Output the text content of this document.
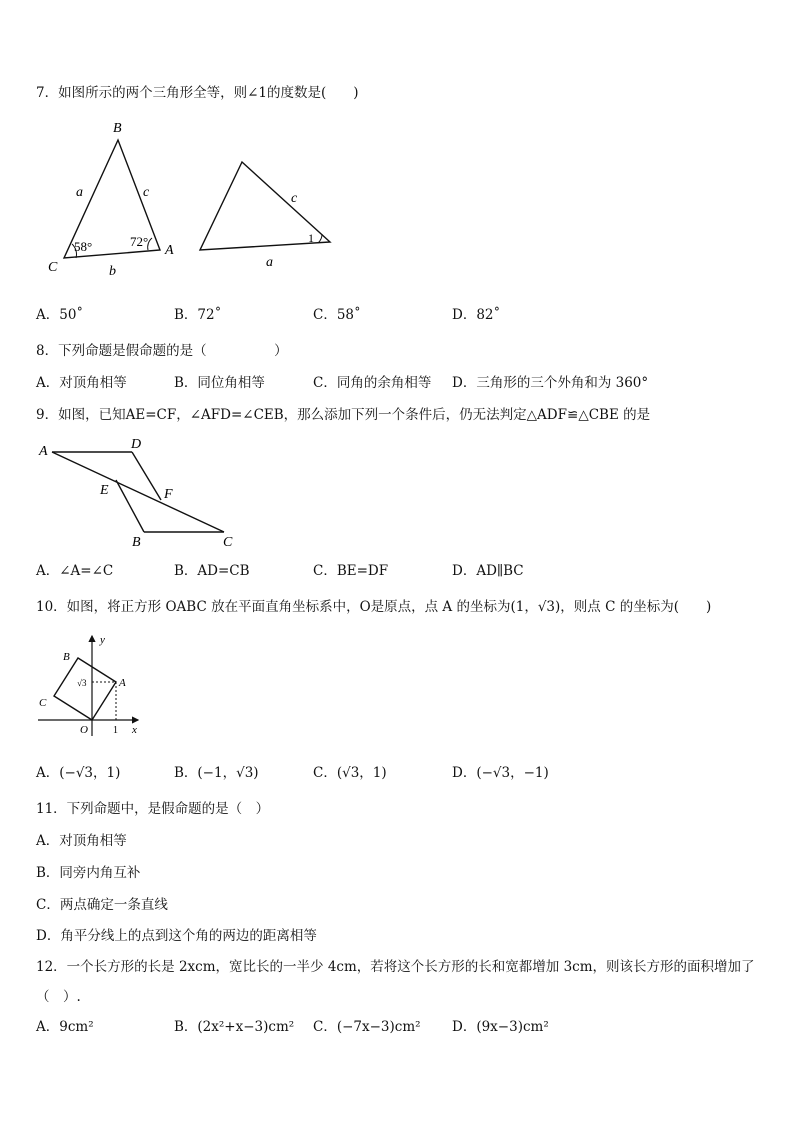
7．如图所示的两个三角形全等，则∠1的度数是(　　)
B
C
A
a	c
b
58°	72°
c
a
1
A．50˚	B．72˚	C．58˚	D．82˚
8．下列命题是假命题的是（　　　　　）
A．对顶角相等	B．同位角相等	C．同角的余角相等 D．三角形的三个外角和为 360°
9．如图，已知AE=CF，∠AFD=∠CEB，那么添加下列一个条件后，仍无法判定△ADF≌△CBE 的是
A	D
E	F
B	C
A．∠A=∠C	B．AD=CB	C．BE=DF	D．AD∥BC
10．如图，将正方形 OABC 放在平面直角坐标系中，O是原点，点 A 的坐标为(1，√3)，则点 C 的坐标为(　　)
y
x
B
A
C
O	1
√3
A．(−√3，1)	B．(−1，√3)	C．(√3，1)	D．(−√3，−1)
11．下列命题中，是假命题的是（　）
A．对顶角相等
B．同旁内角互补
C．两点确定一条直线
D．角平分线上的点到这个角的两边的距离相等
12．一个长方形的长是 2xcm，宽比长的一半少 4cm，若将这个长方形的长和宽都增加 3cm，则该长方形的面积增加了
（　）.
A．9cm²	B．(2x²+x−3)cm² C．(−7x−3)cm² D．(9x−3)cm²
